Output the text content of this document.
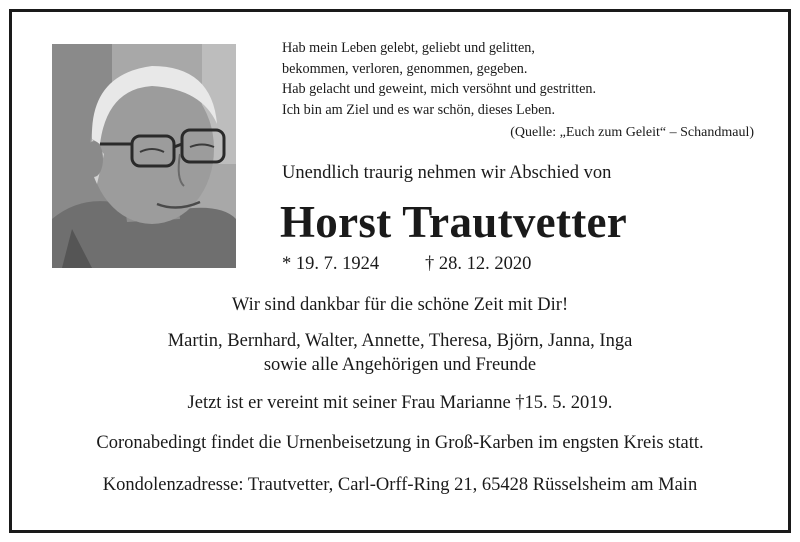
Hab mein Leben gelebt, geliebt und gelitten,
bekommen, verloren, genommen, gegeben.
Hab gelacht und geweint, mich versöhnt und gestritten.
Ich bin am Ziel und es war schön, dieses Leben.
(Quelle: „Euch zum Geleit“ – Schandmaul)
Unendlich traurig nehmen wir Abschied von
Horst Trautvetter
* 19. 7. 1924 † 28. 12. 2020
Wir sind dankbar für die schöne Zeit mit Dir!
Martin, Bernhard, Walter, Annette, Theresa, Björn, Janna, Inga
sowie alle Angehörigen und Freunde
Jetzt ist er vereint mit seiner Frau Marianne †15. 5. 2019.
Coronabedingt findet die Urnenbeisetzung in Groß-Karben im engsten Kreis statt.
Kondolenzadresse: Trautvetter, Carl-Orff-Ring 21, 65428 Rüsselsheim am Main
